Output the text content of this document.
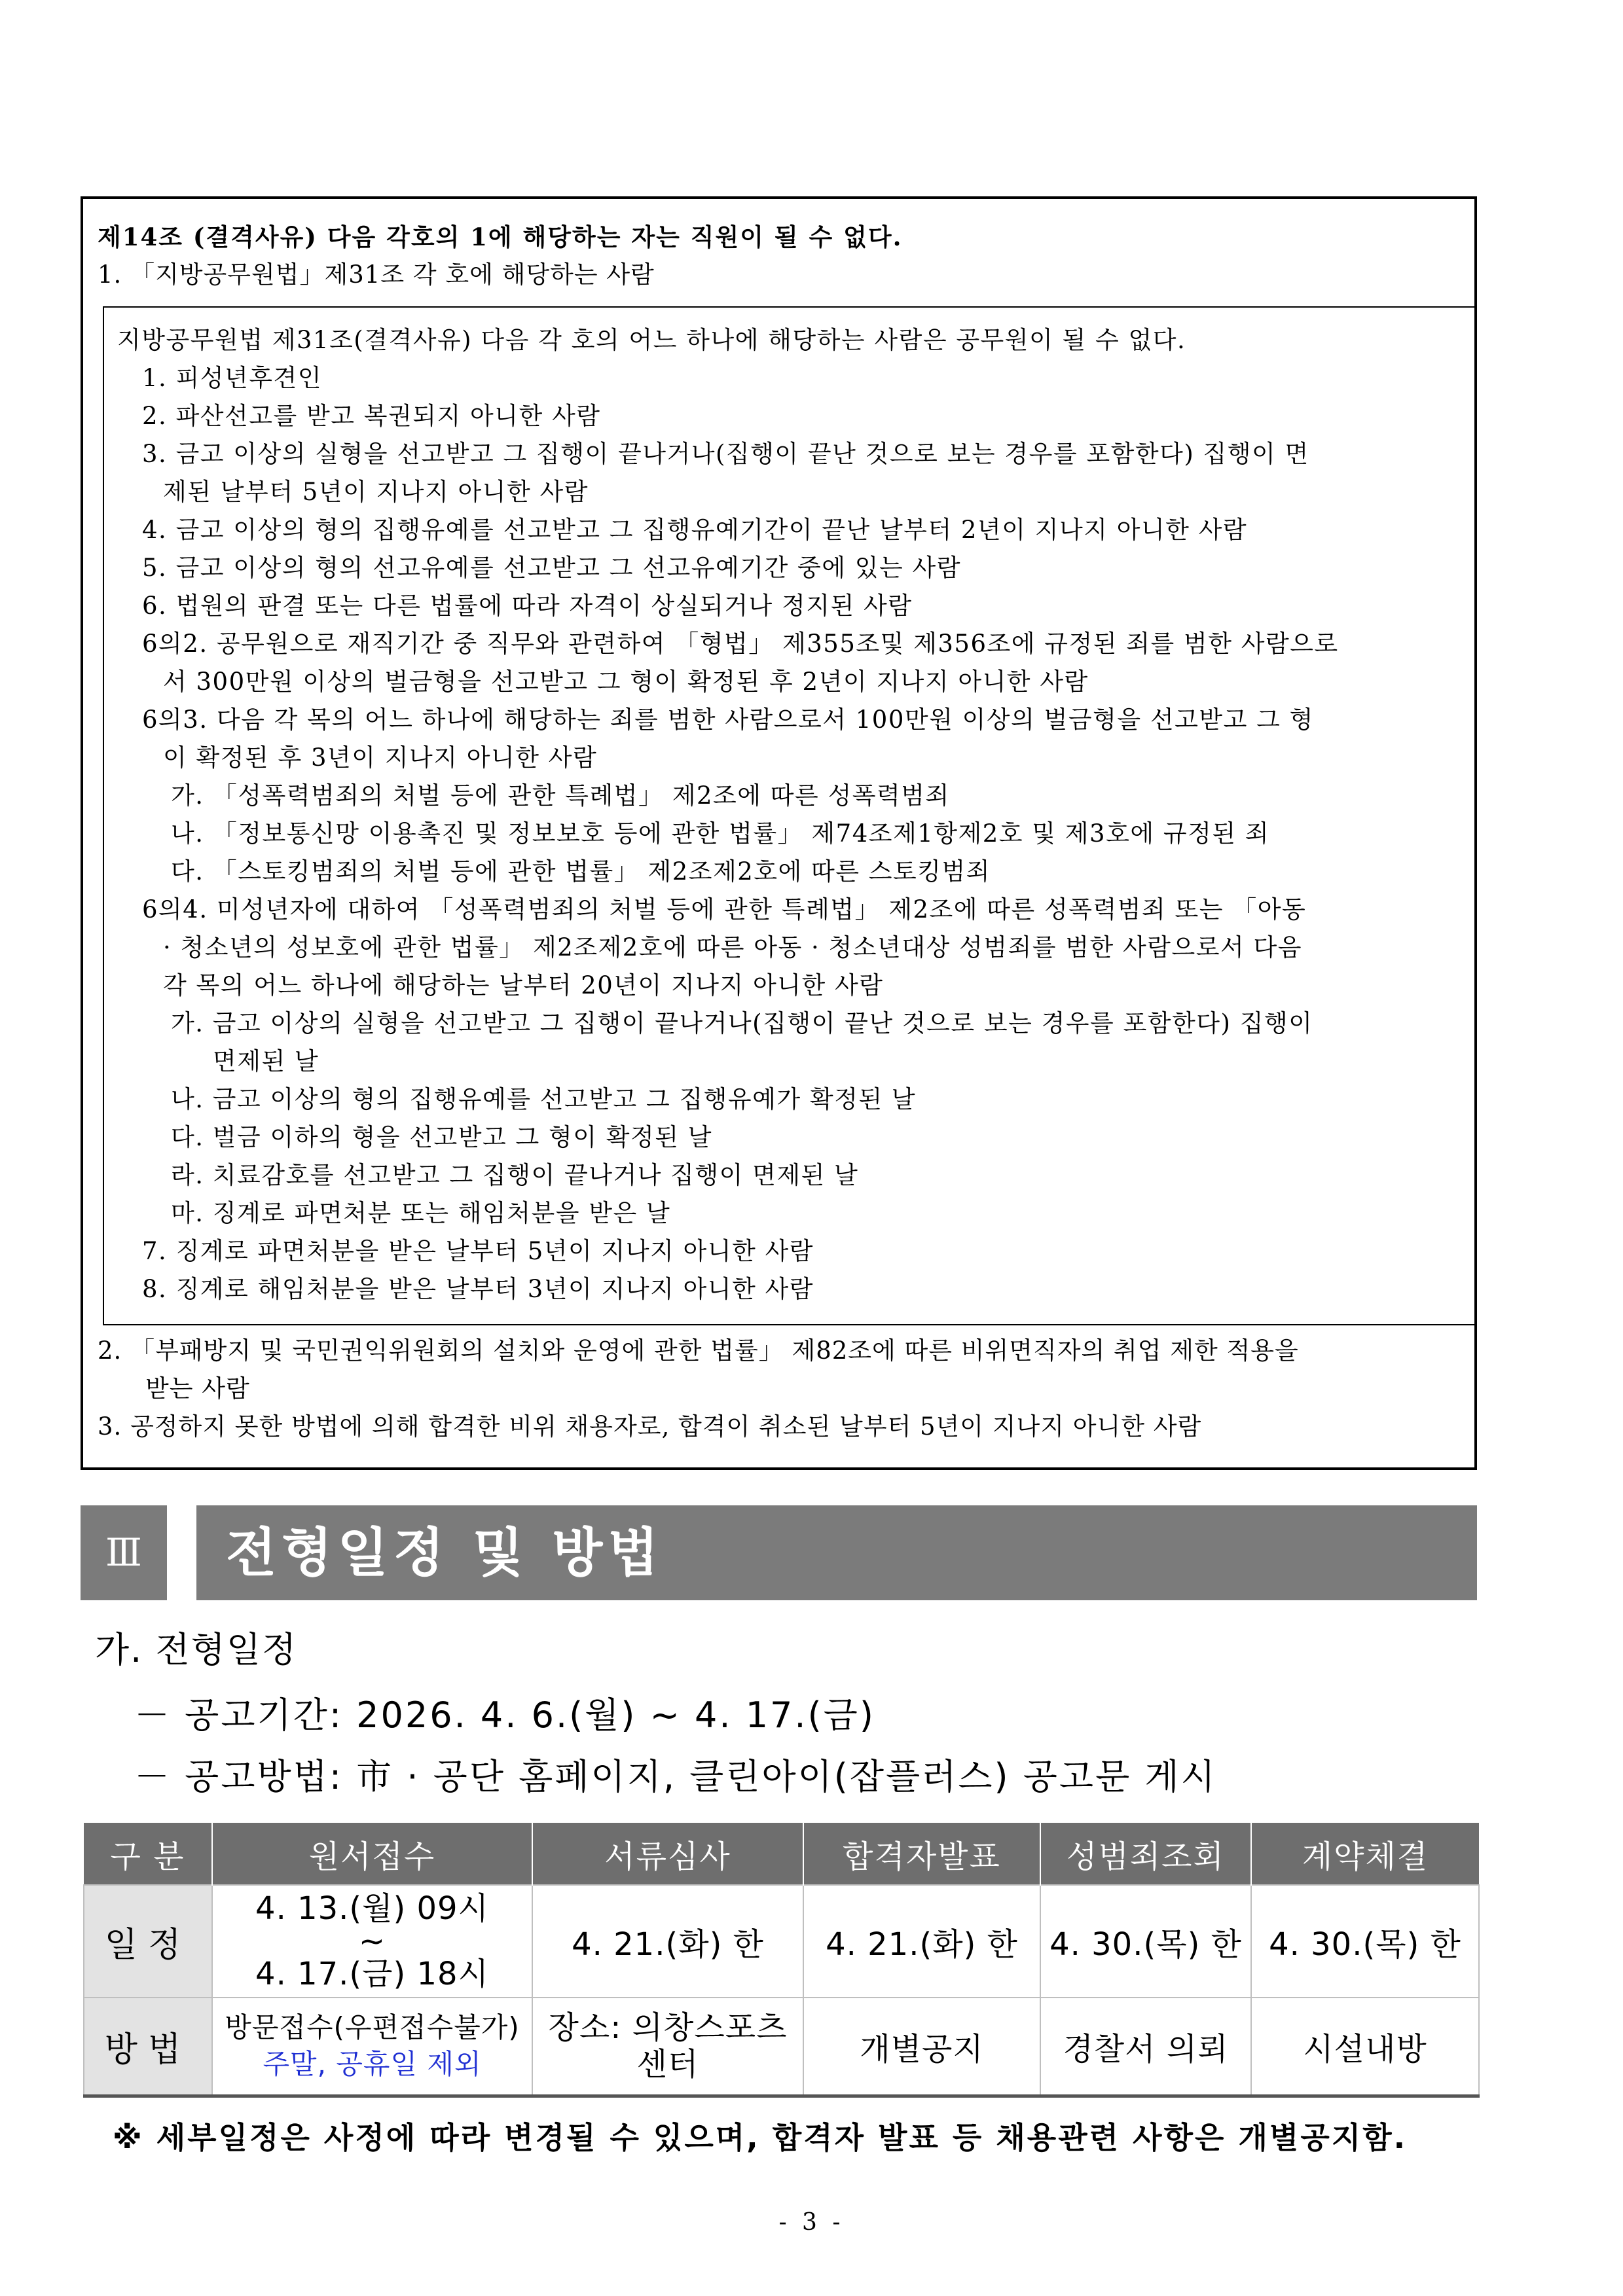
제14조 (결격사유) 다음 각호의 1에 해당하는 자는 직원이 될 수 없다.
1. 「지방공무원법」제31조 각 호에 해당하는 사람
지방공무원법 제31조(결격사유) 다음 각 호의 어느 하나에 해당하는 사람은 공무원이 될 수 없다.
1. 피성년후견인
2. 파산선고를 받고 복권되지 아니한 사람
3. 금고 이상의 실형을 선고받고 그 집행이 끝나거나(집행이 끝난 것으로 보는 경우를 포함한다) 집행이 면
제된 날부터 5년이 지나지 아니한 사람
4. 금고 이상의 형의 집행유예를 선고받고 그 집행유예기간이 끝난 날부터 2년이 지나지 아니한 사람
5. 금고 이상의 형의 선고유예를 선고받고 그 선고유예기간 중에 있는 사람
6. 법원의 판결 또는 다른 법률에 따라 자격이 상실되거나 정지된 사람
6의2. 공무원으로 재직기간 중 직무와 관련하여 「형법」 제355조및 제356조에 규정된 죄를 범한 사람으로
서 300만원 이상의 벌금형을 선고받고 그 형이 확정된 후 2년이 지나지 아니한 사람
6의3. 다음 각 목의 어느 하나에 해당하는 죄를 범한 사람으로서 100만원 이상의 벌금형을 선고받고 그 형
이 확정된 후 3년이 지나지 아니한 사람
가. 「성폭력범죄의 처벌 등에 관한 특례법」 제2조에 따른 성폭력범죄
나. 「정보통신망 이용촉진 및 정보보호 등에 관한 법률」 제74조제1항제2호 및 제3호에 규정된 죄
다. 「스토킹범죄의 처벌 등에 관한 법률」 제2조제2호에 따른 스토킹범죄
6의4. 미성년자에 대하여 「성폭력범죄의 처벌 등에 관한 특례법」 제2조에 따른 성폭력범죄 또는 「아동
· 청소년의 성보호에 관한 법률」 제2조제2호에 따른 아동 · 청소년대상 성범죄를 범한 사람으로서 다음
각 목의 어느 하나에 해당하는 날부터 20년이 지나지 아니한 사람
가. 금고 이상의 실형을 선고받고 그 집행이 끝나거나(집행이 끝난 것으로 보는 경우를 포함한다) 집행이
면제된 날
나. 금고 이상의 형의 집행유예를 선고받고 그 집행유예가 확정된 날
다. 벌금 이하의 형을 선고받고 그 형이 확정된 날
라. 치료감호를 선고받고 그 집행이 끝나거나 집행이 면제된 날
마. 징계로 파면처분 또는 해임처분을 받은 날
7. 징계로 파면처분을 받은 날부터 5년이 지나지 아니한 사람
8. 징계로 해임처분을 받은 날부터 3년이 지나지 아니한 사람
2. 「부패방지 및 국민권익위원회의 설치와 운영에 관한 법률」 제82조에 따른 비위면직자의 취업 제한 적용을
받는 사람
3. 공정하지 못한 방법에 의해 합격한 비위 채용자로, 합격이 취소된 날부터 5년이 지나지 아니한 사람
Ⅲ	전형일정 및 방법
가. 전형일정
－ 공고기간: 2026. 4. 6.(월) ~ 4. 17.(금)
－ 공고방법: 市 · 공단 홈페이지, 클린아이(잡플러스) 공고문 게시
구 분	원서접수	서류심사	합격자발표	성범죄조회	계약체결
일정	4. 13.(월) 09시
~
4. 17.(금) 18시	4. 21.(화) 한	4. 21.(화) 한	4. 30.(목) 한	4. 30.(목) 한
방법	방문접수(우편접수불가)
주말, 공휴일 제외	장소: 의창스포츠센터	개별공지	경찰서 의뢰	시설내방
※ 세부일정은 사정에 따라 변경될 수 있으며, 합격자 발표 등 채용관련 사항은 개별공지함.
- 3 -
